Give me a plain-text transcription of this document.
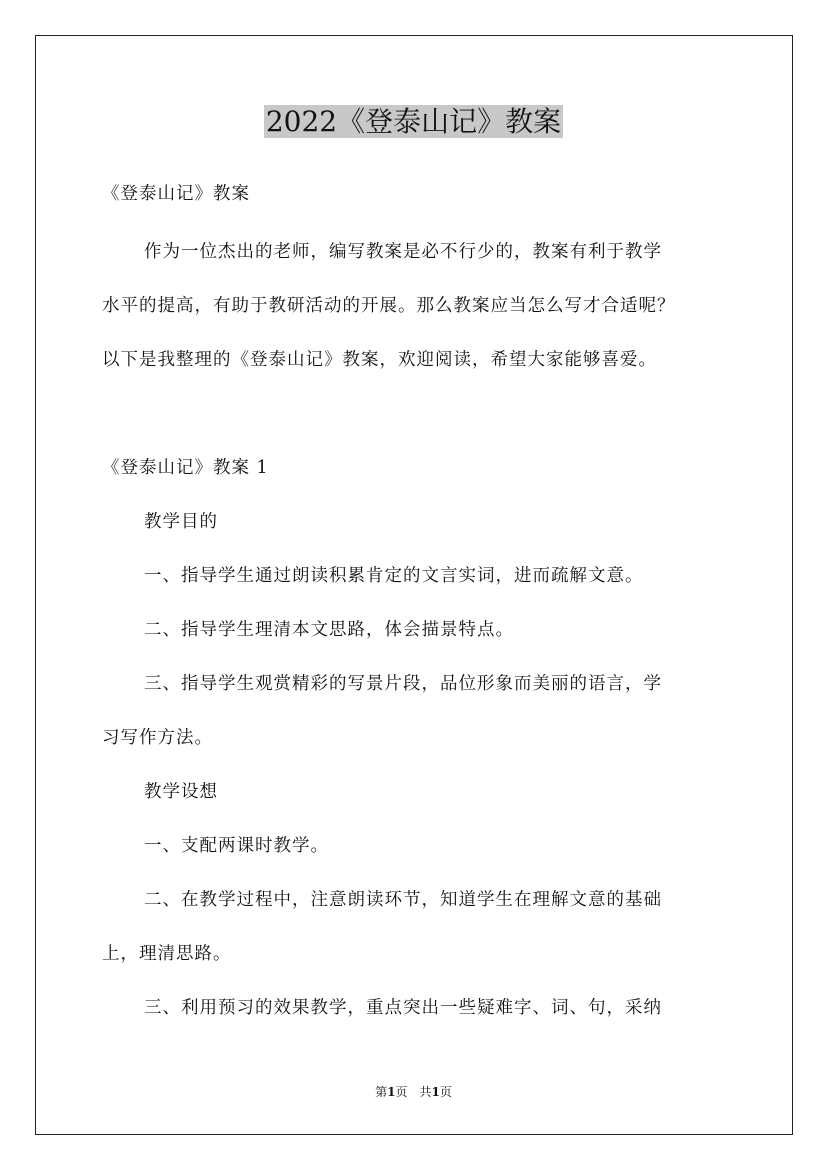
2022《登泰山记》教案

《登泰山记》教案

作为一位杰出的老师，编写教案是必不行少的，教案有利于教学

水平的提高，有助于教研活动的开展。那么教案应当怎么写才合适呢？

以下是我整理的《登泰山记》教案，欢迎阅读，希望大家能够喜爱。

《登泰山记》教案 1

教学目的

一、指导学生通过朗读积累肯定的文言实词，进而疏解文意。

二、指导学生理清本文思路，体会描景特点。

三、指导学生观赏精彩的写景片段，品位形象而美丽的语言，学

习写作方法。

教学设想

一、支配两课时教学。

二、在教学过程中，注意朗读环节，知道学生在理解文意的基础

上，理清思路。

三、利用预习的效果教学，重点突出一些疑难字、词、句，采纳

第1页　共1页
